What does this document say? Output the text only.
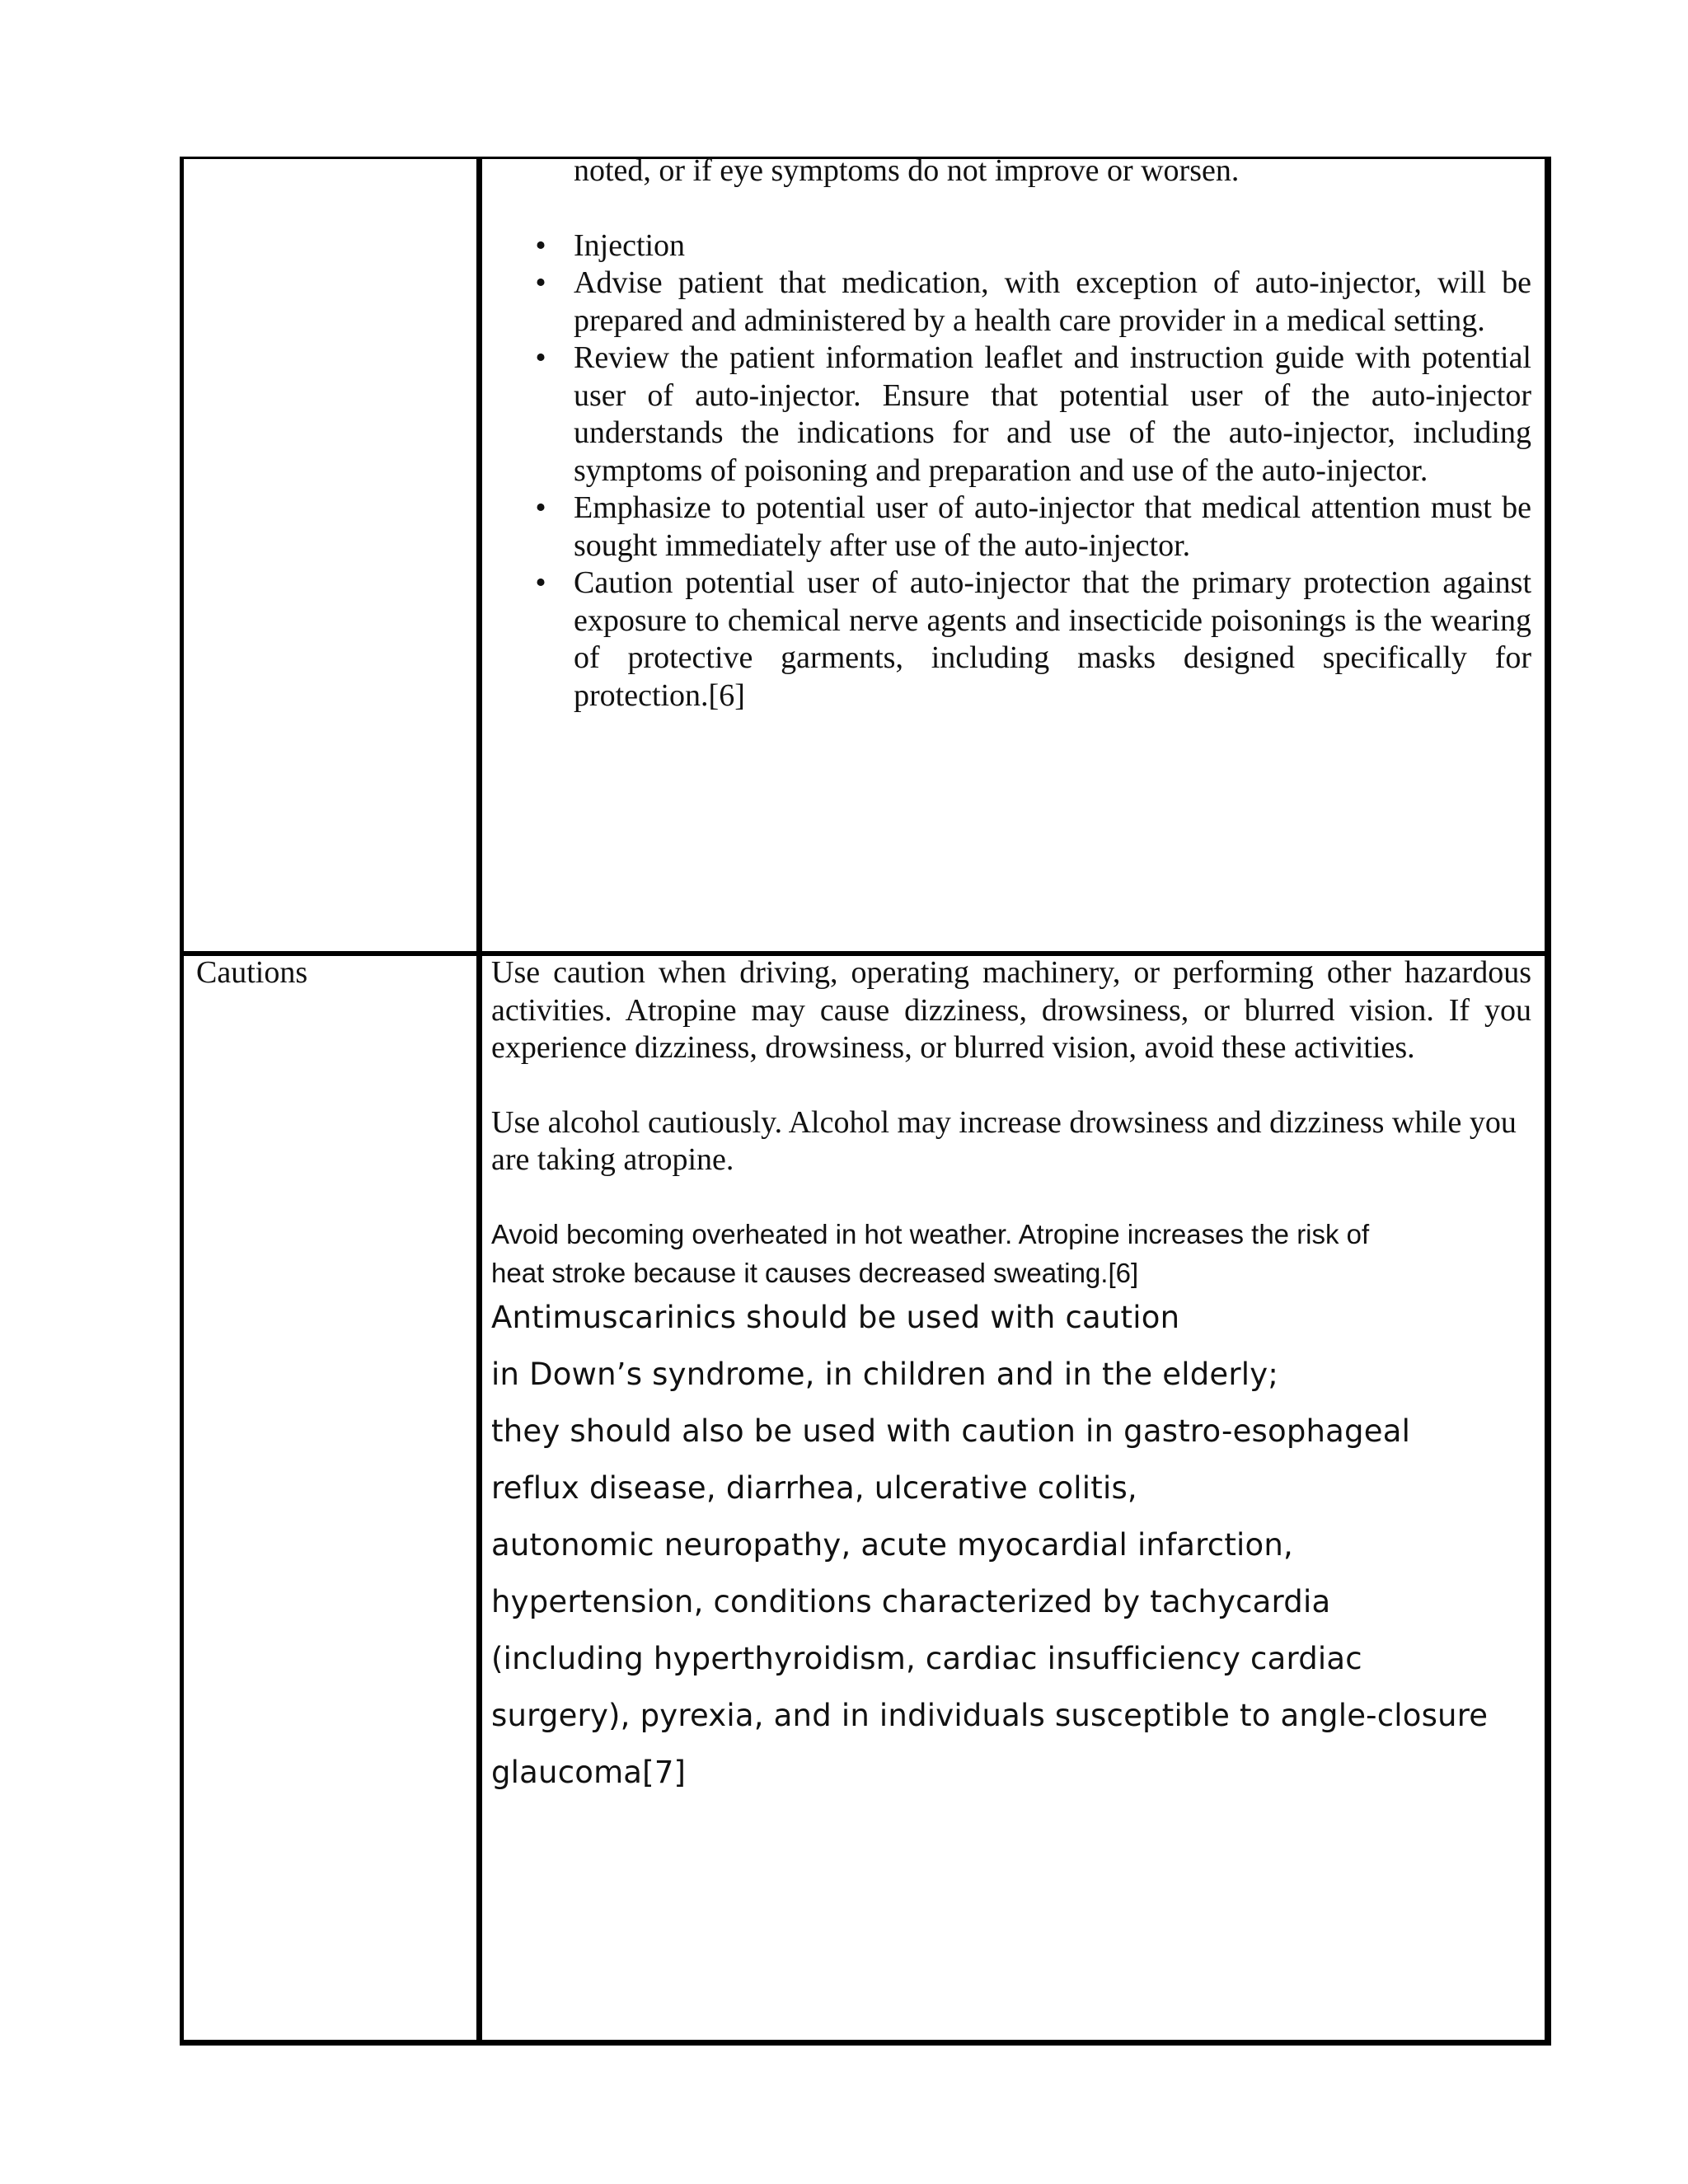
noted, or if eye symptoms do not improve or worsen.

• Injection
• Advise patient that medication, with exception of auto-injector, will be prepared and administered by a health care provider in a medical setting.
• Review the patient information leaflet and instruction guide with potential user of auto-injector. Ensure that potential user of the auto-injector understands the indications for and use of the auto-injector, including symptoms of poisoning and preparation and use of the auto-injector.
• Emphasize to potential user of auto-injector that medical attention must be sought immediately after use of the auto-injector.
• Caution potential user of auto-injector that the primary protection against exposure to chemical nerve agents and insecticide poisonings is the wearing of protective garments, including masks designed specifically for protection.[6]
Cautions	Use caution when driving, operating machinery, or performing other hazardous activities. Atropine may cause dizziness, drowsiness, or blurred vision. If you experience dizziness, drowsiness, or blurred vision, avoid these activities.

Use alcohol cautiously. Alcohol may increase drowsiness and dizziness while you are taking atropine.

Avoid becoming overheated in hot weather. Atropine increases the risk of
heat stroke because it causes decreased sweating.[6]
Antimuscarinics should be used with caution
in Down’s syndrome, in children and in the elderly;
they should also be used with caution in gastro-esophageal
reflux disease, diarrhea, ulcerative colitis,
autonomic neuropathy, acute myocardial infarction,
hypertension, conditions characterized by tachycardia
(including hyperthyroidism, cardiac insufficiency cardiac
surgery), pyrexia, and in individuals susceptible to angle-closure
glaucoma[7]
